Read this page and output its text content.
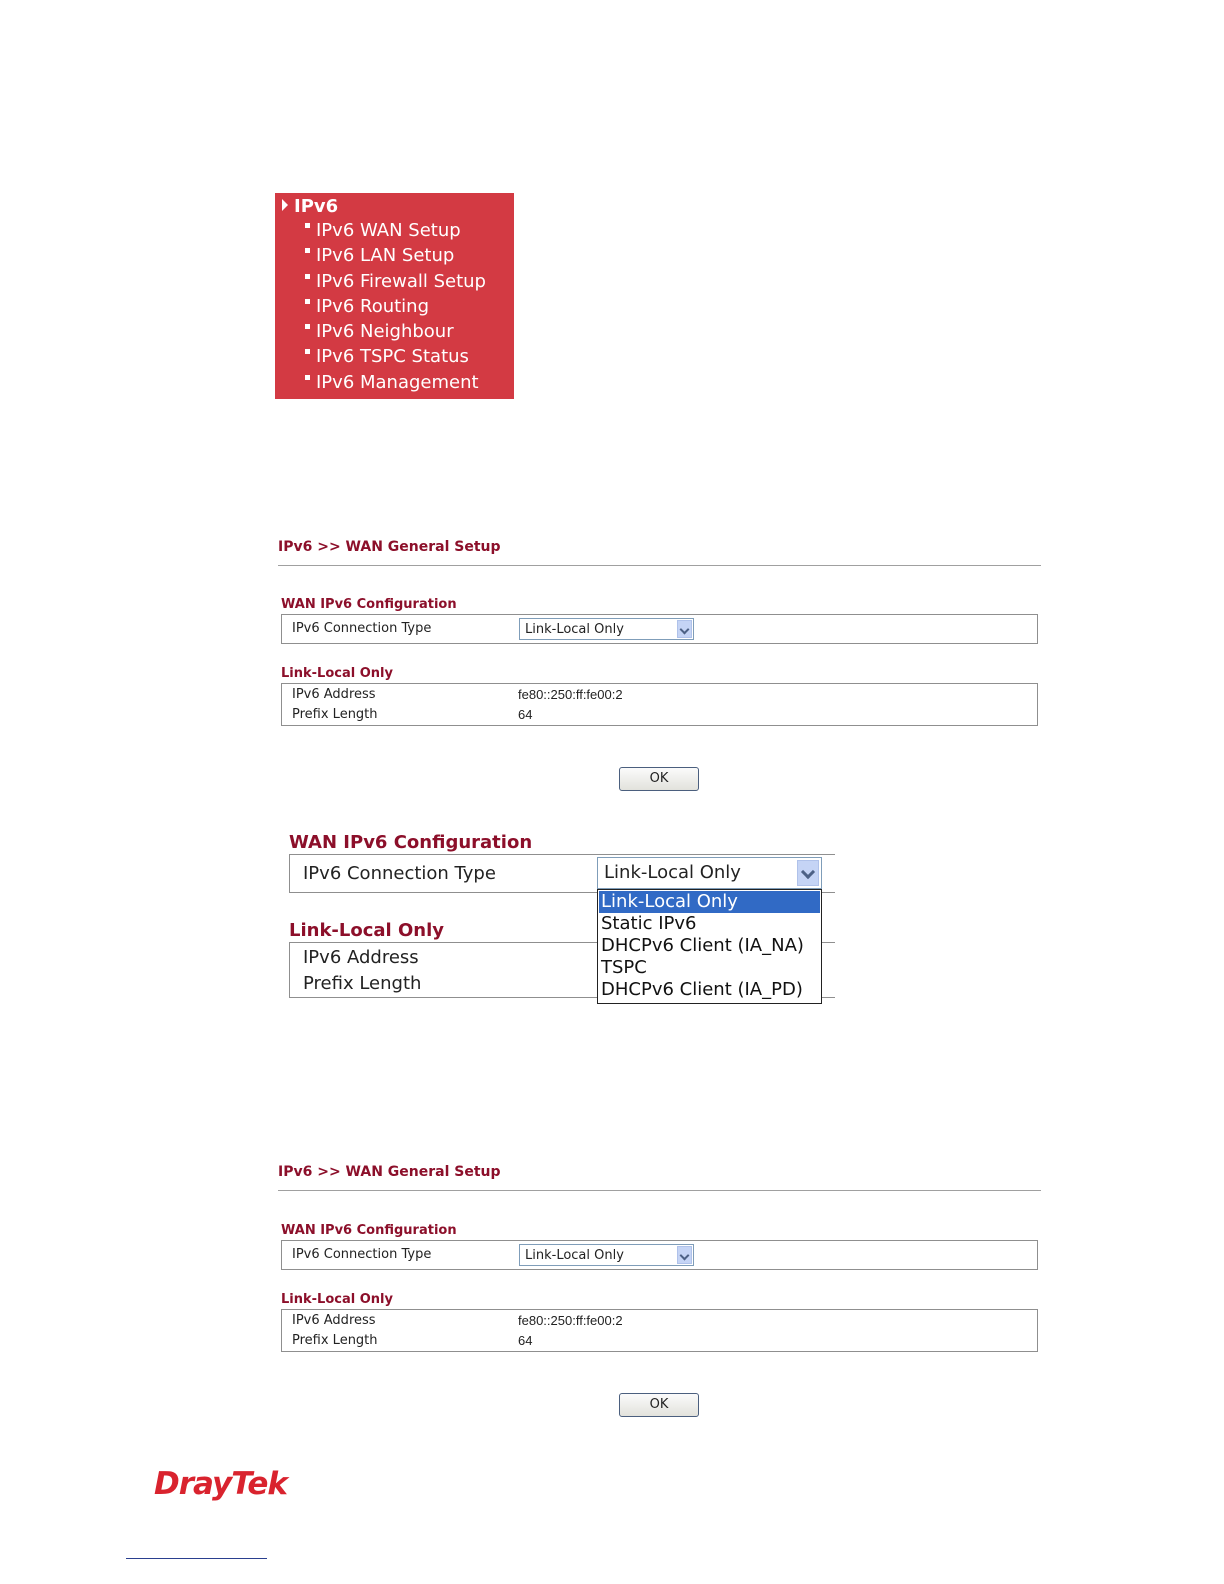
IPv6
IPv6 WAN Setup
IPv6 LAN Setup
IPv6 Firewall Setup
IPv6 Routing
IPv6 Neighbour
IPv6 TSPC Status
IPv6 Management
IPv6 >> WAN General Setup
WAN IPv6 Configuration
IPv6 Connection Type	Link-Local Only
Link-Local Only
IPv6 Address	fe80::250:ff:fe00:2
Prefix Length	64
OK
WAN IPv6 Configuration
IPv6 Connection Type	Link-Local Only
Link-Local Only
IPv6 Address
Prefix Length
Link-Local Only
Static IPv6
DHCPv6 Client (IA_NA)
TSPC
DHCPv6 Client (IA_PD)
IPv6 >> WAN General Setup
WAN IPv6 Configuration
IPv6 Connection Type	Link-Local Only
Link-Local Only
IPv6 Address	fe80::250:ff:fe00:2
Prefix Length	64
OK
DrayTek
